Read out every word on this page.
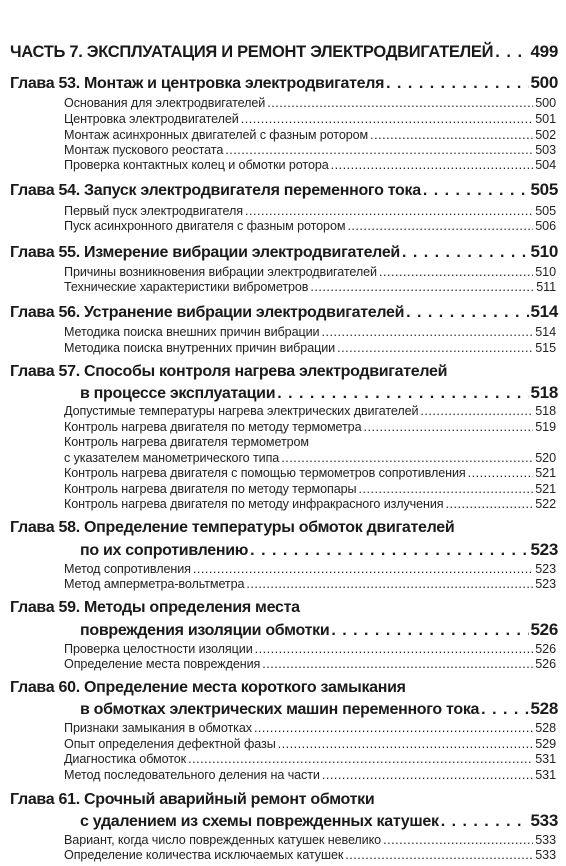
ЧАСТЬ 7. ЭКСПЛУАТАЦИЯ И РЕМОНТ ЭЛЕКТРОДВИГАТЕЛЕЙ . . . 499
Глава 53. Монтаж и центровка электродвигателя . . .	500
Основания для электродвигателей .....	500
Центровка электродвигателей .....	501
Монтаж асинхронных двигателей с фазным ротором .....	502
Монтаж пускового реостата .....	503
Проверка контактных колец и обмотки ротора .....	504
Глава 54. Запуск электродвигателя переменного тока . . .	505
Первый пуск электродвигателя .....	505
Пуск асинхронного двигателя с фазным ротором .....	506
Глава 55. Измерение вибрации электродвигателей . . .	510
Причины возникновения вибрации электродвигателей .....	510
Технические характеристики виброметров .....	511
Глава 56. Устранение вибрации электродвигателей . . .	514
Методика поиска внешних причин вибрации .....	514
Методика поиска внутренних причин вибрации .....	515
Глава 57. Способы контроля нагрева электродвигателей
в процессе эксплуатации . . .	518
Допустимые температуры нагрева электрических двигателей .....	518
Контроль нагрева двигателя по методу термометра .....	519
Контроль нагрева двигателя термометром
с указателем манометрического типа .....	520
Контроль нагрева двигателя с помощью термометров сопротивления .....	521
Контроль нагрева двигателя по методу термопары .....	521
Контроль нагрева двигателя по методу инфракрасного излучения .....	522
Глава 58. Определение температуры обмоток двигателей
по их сопротивлению . . .	523
Метод сопротивления .....	523
Метод амперметра-вольтметра .....	523
Глава 59. Методы определения места
повреждения изоляции обмотки . . .	526
Проверка целостности изоляции .....	526
Определение места повреждения .....	526
Глава 60. Определение места короткого замыкания
в обмотках электрических машин переменного тока . . .	528
Признаки замыкания в обмотках .....	528
Опыт определения дефектной фазы .....	529
Диагностика обмоток .....	531
Метод последовательного деления на части .....	531
Глава 61. Срочный аварийный ремонт обмотки
с удалением из схемы поврежденных катушек . . .	533
Вариант, когда число поврежденных катушек невелико .....	533
Определение количества исключаемых катушек .....	533
